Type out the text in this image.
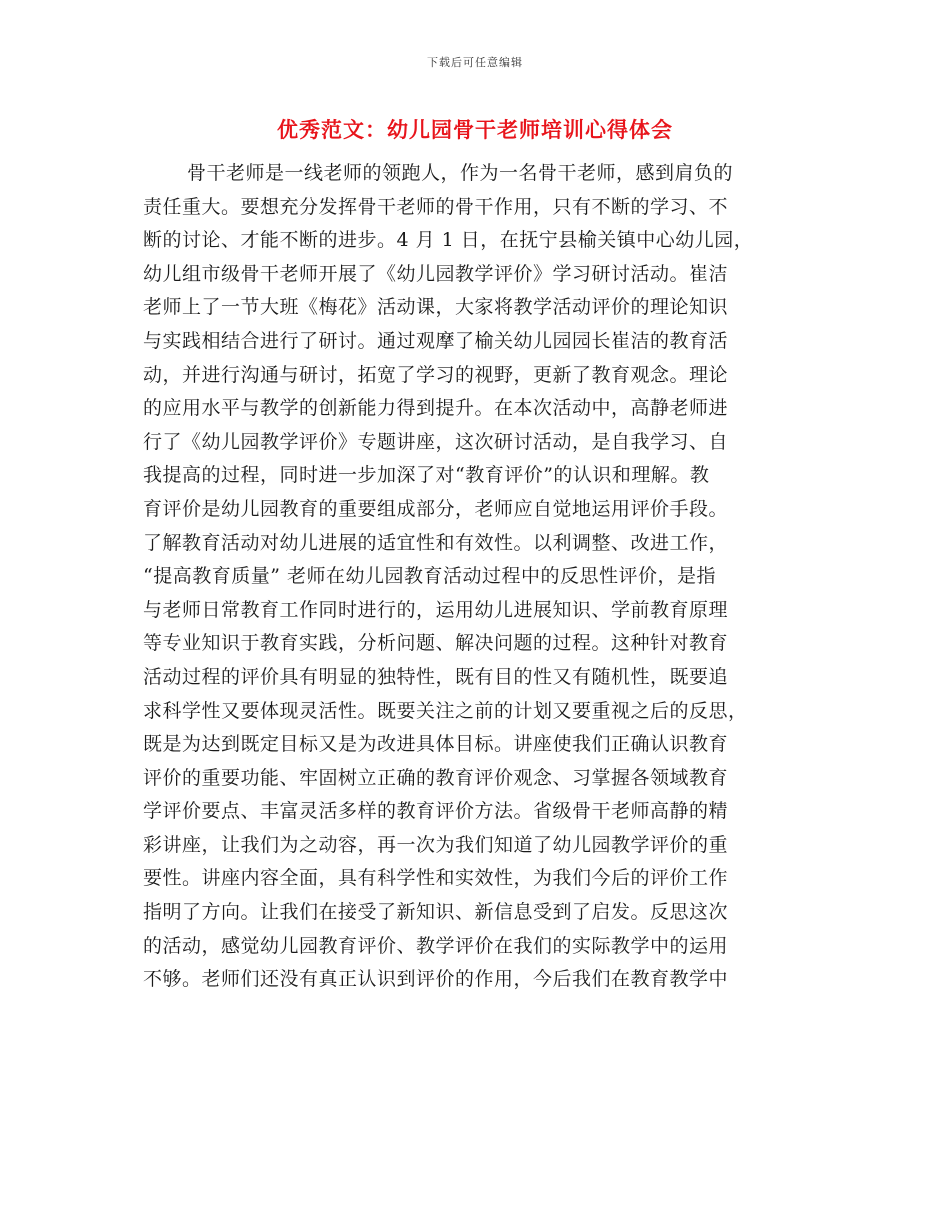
下载后可任意编辑
优秀范文：幼儿园骨干老师培训心得体会
骨干老师是一线老师的领跑人，作为一名骨干老师，感到肩负的
责任重大。要想充分发挥骨干老师的骨干作用，只有不断的学习、不
断的讨论、才能不断的进步。4 月 1 日，在抚宁县榆关镇中心幼儿园，
幼儿组市级骨干老师开展了《幼儿园教学评价》学习研讨活动。崔洁
老师上了一节大班《梅花》活动课，大家将教学活动评价的理论知识
与实践相结合进行了研讨。通过观摩了榆关幼儿园园长崔洁的教育活
动，并进行沟通与研讨，拓宽了学习的视野，更新了教育观念。理论
的应用水平与教学的创新能力得到提升。在本次活动中，高静老师进
行了《幼儿园教学评价》专题讲座，这次研讨活动，是自我学习、自
我提高的过程，同时进一步加深了对“教育评价”的认识和理解。教
育评价是幼儿园教育的重要组成部分，老师应自觉地运用评价手段。
了解教育活动对幼儿进展的适宜性和有效性。以利调整、改进工作，
“提高教育质量” 老师在幼儿园教育活动过程中的反思性评价，是指
与老师日常教育工作同时进行的，运用幼儿进展知识、学前教育原理
等专业知识于教育实践，分析问题、解决问题的过程。这种针对教育
活动过程的评价具有明显的独特性，既有目的性又有随机性，既要追
求科学性又要体现灵活性。既要关注之前的计划又要重视之后的反思，
既是为达到既定目标又是为改进具体目标。讲座使我们正确认识教育
评价的重要功能、牢固树立正确的教育评价观念、习掌握各领域教育
学评价要点、丰富灵活多样的教育评价方法。省级骨干老师高静的精
彩讲座，让我们为之动容，再一次为我们知道了幼儿园教学评价的重
要性。讲座内容全面，具有科学性和实效性，为我们今后的评价工作
指明了方向。让我们在接受了新知识、新信息受到了启发。反思这次
的活动，感觉幼儿园教育评价、教学评价在我们的实际教学中的运用
不够。老师们还没有真正认识到评价的作用，今后我们在教育教学中
